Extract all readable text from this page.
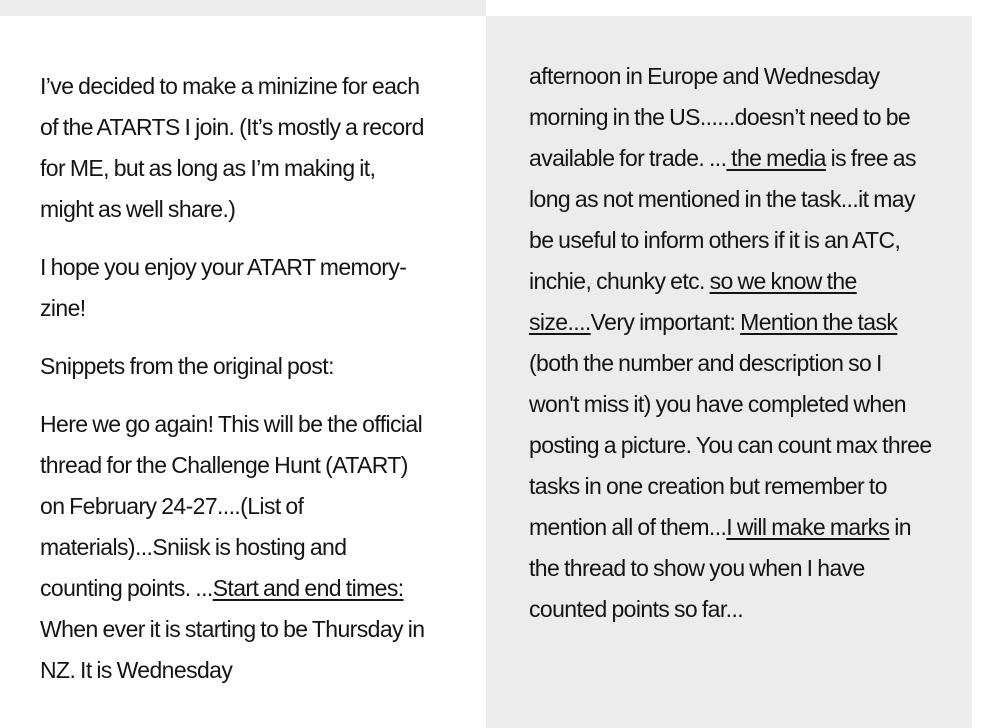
I’ve decided to make a minizine for each of the ATARTS I join. (It’s mostly a record for ME, but as long as I’m making it, might as well share.)

I hope you enjoy your ATART memory-zine!

Snippets from the original post:

Here we go again! This will be the official thread for the Challenge Hunt (ATART) on February 24-27....(List of materials)...Sniisk is hosting and counting points. ...Start and end times: When ever it is starting to be Thursday in NZ. It is Wednesday

afternoon in Europe and Wednesday morning in the US......doesn’t need to be available for trade. ... the media is free as long as not mentioned in the task...it may be useful to inform others if it is an ATC, inchie, chunky etc. so we know the size....Very important: Mention the task (both the number and description so I won't miss it) you have completed when posting a picture. You can count max three tasks in one creation but remember to mention all of them...I will make marks in the thread to show you when I have counted points so far...
